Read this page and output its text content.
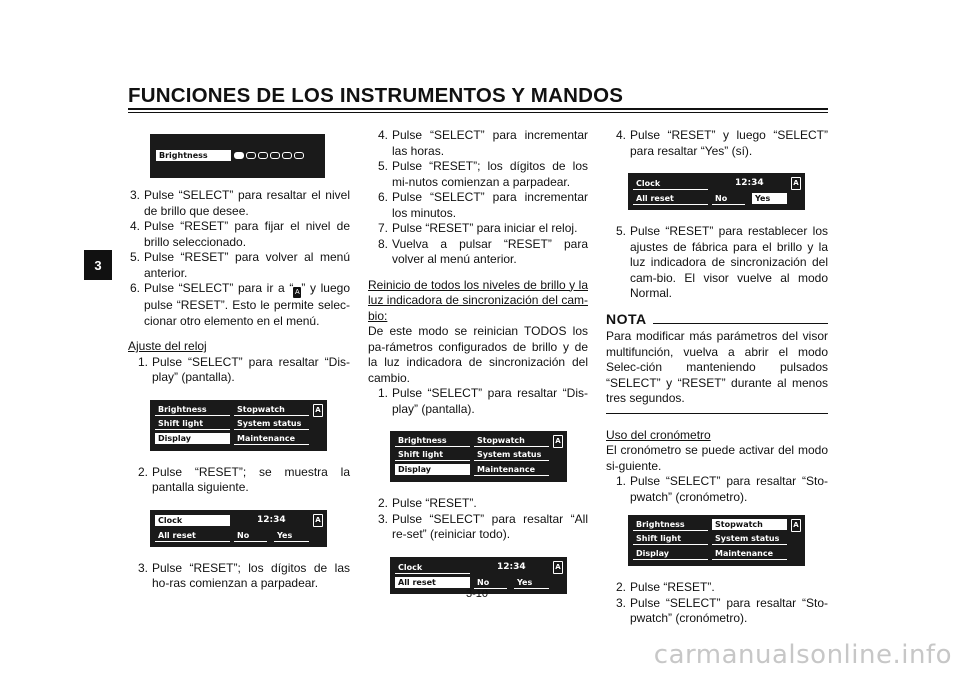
FUNCIONES DE LOS INSTRUMENTOS Y MANDOS
3
Brightness
3. Pulse “SELECT” para resaltar el nivel de brillo que desee.
4. Pulse “RESET” para fijar el nivel de brillo seleccionado.
5. Pulse “RESET” para volver al menú anterior.
6. Pulse “SELECT” para ir a “ A ” y luego pulse “RESET”. Esto le permite selec-cionar otro elemento en el menú.

Ajuste del reloj

1. Pulse “SELECT” para resaltar “Dis-play” (pantalla).
Brightness	Stopwatch
Shift light	System status
Display	Maintenance
A
2. Pulse “RESET”; se muestra la pantalla siguiente.
Clock	12:34
All reset	No	Yes
A
3. Pulse “RESET”; los dígitos de las ho-ras comienzan a parpadear.
4. Pulse “SELECT” para incrementar las horas.
5. Pulse “RESET”; los dígitos de los mi-nutos comienzan a parpadear.
6. Pulse “SELECT” para incrementar los minutos.
7. Pulse “RESET” para iniciar el reloj.
8. Vuelva a pulsar “RESET” para volver al menú anterior.

Reinicio de todos los niveles de brillo y la luz indicadora de sincronización del cam-bio:

De este modo se reinician TODOS los pa-rámetros configurados de brillo y de la luz indicadora de sincronización del cambio.

1. Pulse “SELECT” para resaltar “Dis-play” (pantalla).
Brightness	Stopwatch
Shift light	System status
Display	Maintenance
A
2. Pulse “RESET”.
3. Pulse “SELECT” para resaltar “All re-set” (reiniciar todo).
Clock	12:34
All reset	No	Yes
A
4. Pulse “RESET” y luego “SELECT” para resaltar “Yes” (sí).
Clock	12:34
All reset	No	Yes
A
5. Pulse “RESET” para restablecer los ajustes de fábrica para el brillo y la luz indicadora de sincronización del cam-bio. El visor vuelve al modo Normal.
NOTA

Para modificar más parámetros del visor multifunción, vuelva a abrir el modo Selec-ción manteniendo pulsados “SELECT” y “RESET” durante al menos tres segundos.

Uso del cronómetro

El cronómetro se puede activar del modo si-guiente.

1. Pulse “SELECT” para resaltar “Sto-pwatch” (cronómetro).
Brightness	Stopwatch
Shift light	System status
Display	Maintenance
A
2. Pulse “RESET”.
3. Pulse “SELECT” para resaltar “Sto-pwatch” (cronómetro).
3-10
carmanualsonline.info
